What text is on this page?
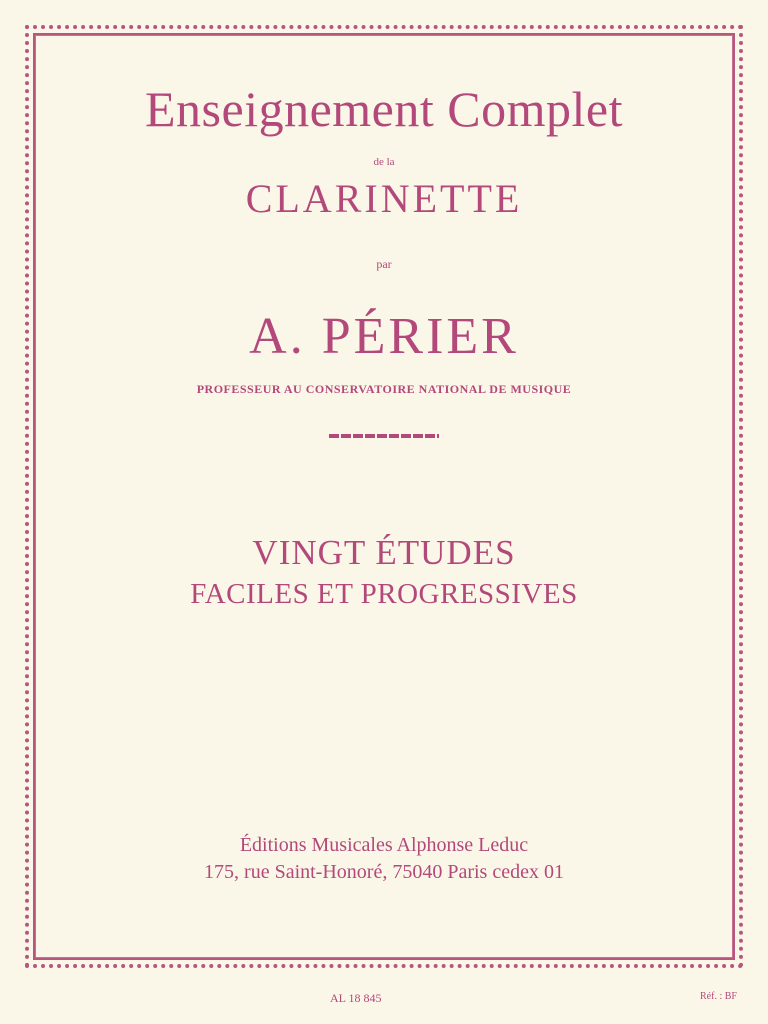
Enseignement Complet
de la
CLARINETTE
par
A. PÉRIER
PROFESSEUR AU CONSERVATOIRE NATIONAL DE MUSIQUE
VINGT ÉTUDES
FACILES ET PROGRESSIVES
Éditions Musicales Alphonse Leduc
175, rue Saint-Honoré, 75040 Paris cedex 01
AL 18 845	Réf. : BF
